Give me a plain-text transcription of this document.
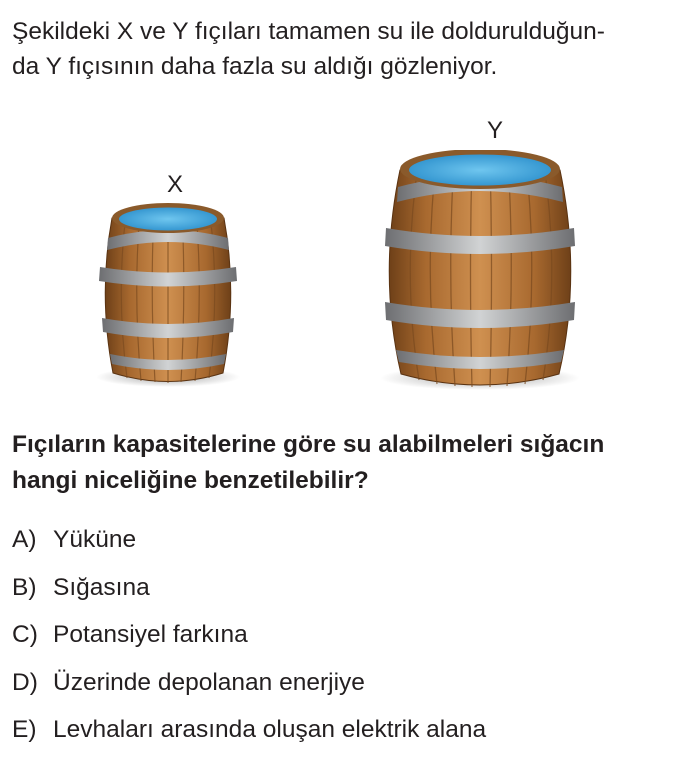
Şekildeki X ve Y fıçıları tamamen su ile doldurulduğun-
da Y fıçısının daha fazla su aldığı gözleniyor.

X
Y

Fıçıların kapasitelerine göre su alabilmeleri sığacın
hangi niceliğine benzetilebilir?

A) Yüküne
B) Sığasına
C) Potansiyel farkına
D) Üzerinde depolanan enerjiye
E) Levhaları arasında oluşan elektrik alana
